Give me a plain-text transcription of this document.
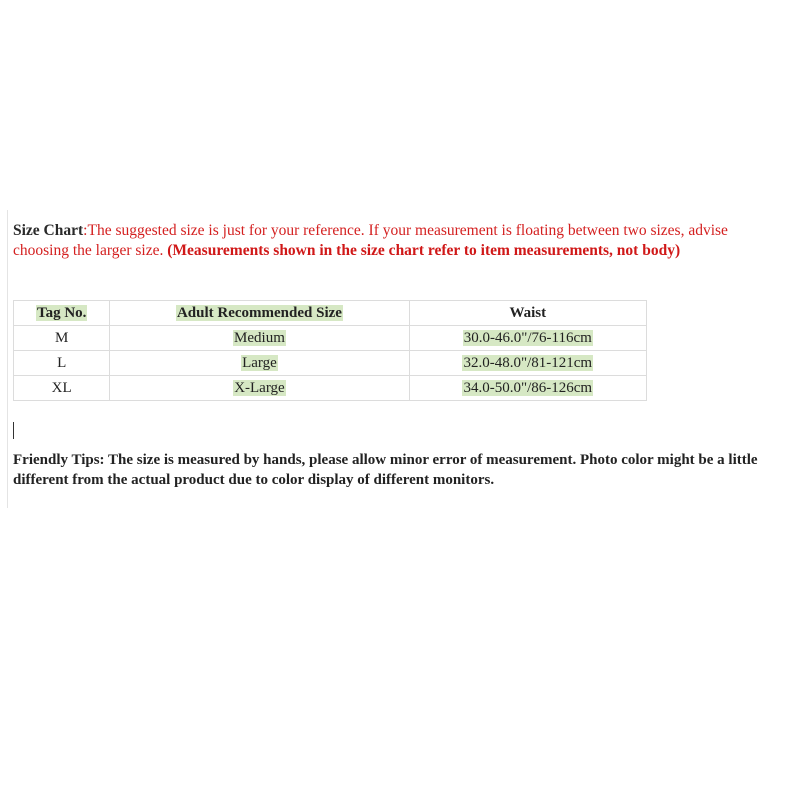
Size Chart:The suggested size is just for your reference. If your measurement is floating between two sizes, advise choosing the larger size. (Measurements shown in the size chart refer to item measurements, not body)
Tag No.	Adult Recommended Size	Waist
M	Medium	30.0-46.0"/76-116cm
L	Large	32.0-48.0"/81-121cm
XL	X-Large	34.0-50.0"/86-126cm
Friendly Tips: The size is measured by hands, please allow minor error of measurement. Photo color might be a little different from the actual product due to color display of different monitors.
